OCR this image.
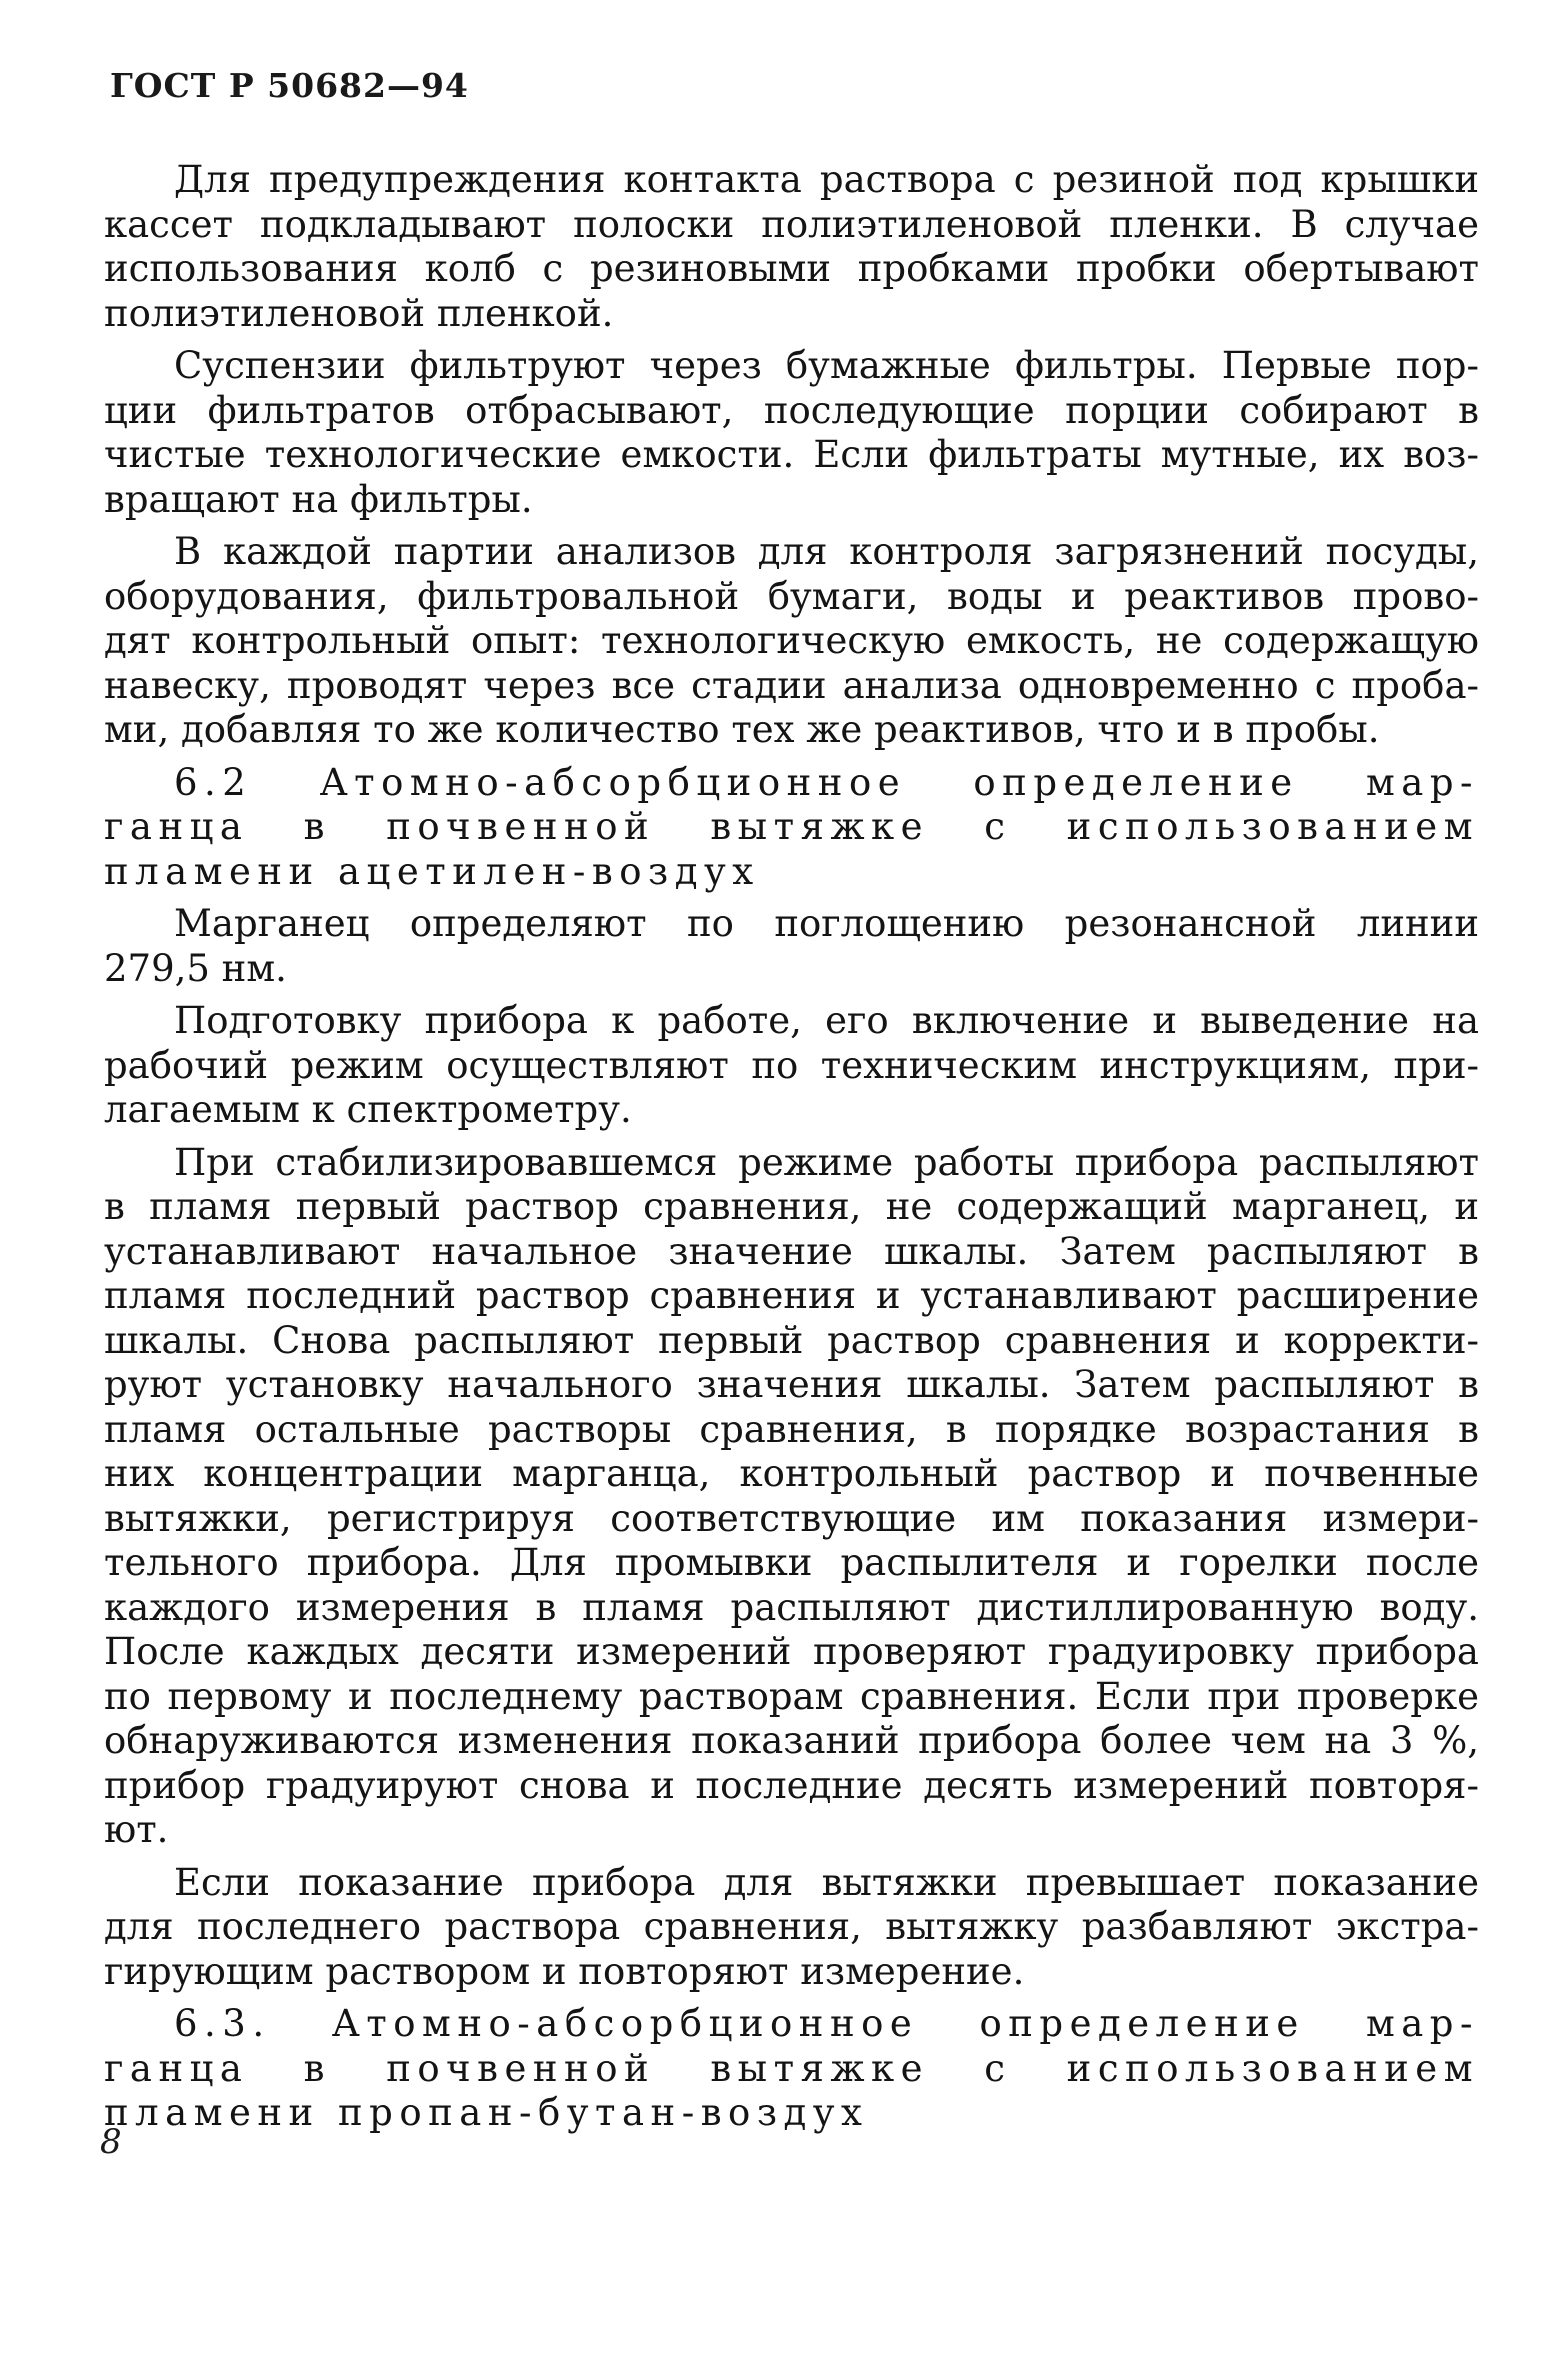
ГОСТ Р 50682—94
Для предупреждения контакта раствора с резиной под крышки
кассет подкладывают полоски полиэтиленовой пленки. В случае
использования колб с резиновыми пробками пробки обертывают
полиэтиленовой пленкой.
Суспензии фильтруют через бумажные фильтры. Первые пор-
ции фильтратов отбрасывают, последующие порции собирают в
чистые технологические емкости. Если фильтраты мутные, их воз-
вращают на фильтры.
В каждой партии анализов для контроля загрязнений посуды,
оборудования, фильтровальной бумаги, воды и реактивов прово-
дят контрольный опыт: технологическую емкость, не содержащую
навеску, проводят через все стадии анализа одновременно с проба-
ми, добавляя то же количество тех же реактивов, что и в пробы.
6.2 Атомно-абсорбционное определение мар-
ганца в почвенной вытяжке с использованием
пламени ацетилен-воздух
Марганец определяют по поглощению резонансной линии
279,5 нм.
Подготовку прибора к работе, его включение и выведение на
рабочий режим осуществляют по техническим инструкциям, при-
лагаемым к спектрометру.
При стабилизировавшемся режиме работы прибора распыляют
в пламя первый раствор сравнения, не содержащий марганец, и
устанавливают начальное значение шкалы. Затем распыляют в
пламя последний раствор сравнения и устанавливают расширение
шкалы. Снова распыляют первый раствор сравнения и корректи-
руют установку начального значения шкалы. Затем распыляют в
пламя остальные растворы сравнения, в порядке возрастания в
них концентрации марганца, контрольный раствор и почвенные
вытяжки, регистрируя соответствующие им показания измери-
тельного прибора. Для промывки распылителя и горелки после
каждого измерения в пламя распыляют дистиллированную воду.
После каждых десяти измерений проверяют градуировку прибора
по первому и последнему растворам сравнения. Если при проверке
обнаруживаются изменения показаний прибора более чем на 3 %,
прибор градуируют снова и последние десять измерений повторя-
ют.
Если показание прибора для вытяжки превышает показание
для последнего раствора сравнения, вытяжку разбавляют экстра-
гирующим раствором и повторяют измерение.
6.3. Атомно-абсорбционное определение мар-
ганца в почвенной вытяжке с использованием
пламени пропан-бутан-воздух
8
